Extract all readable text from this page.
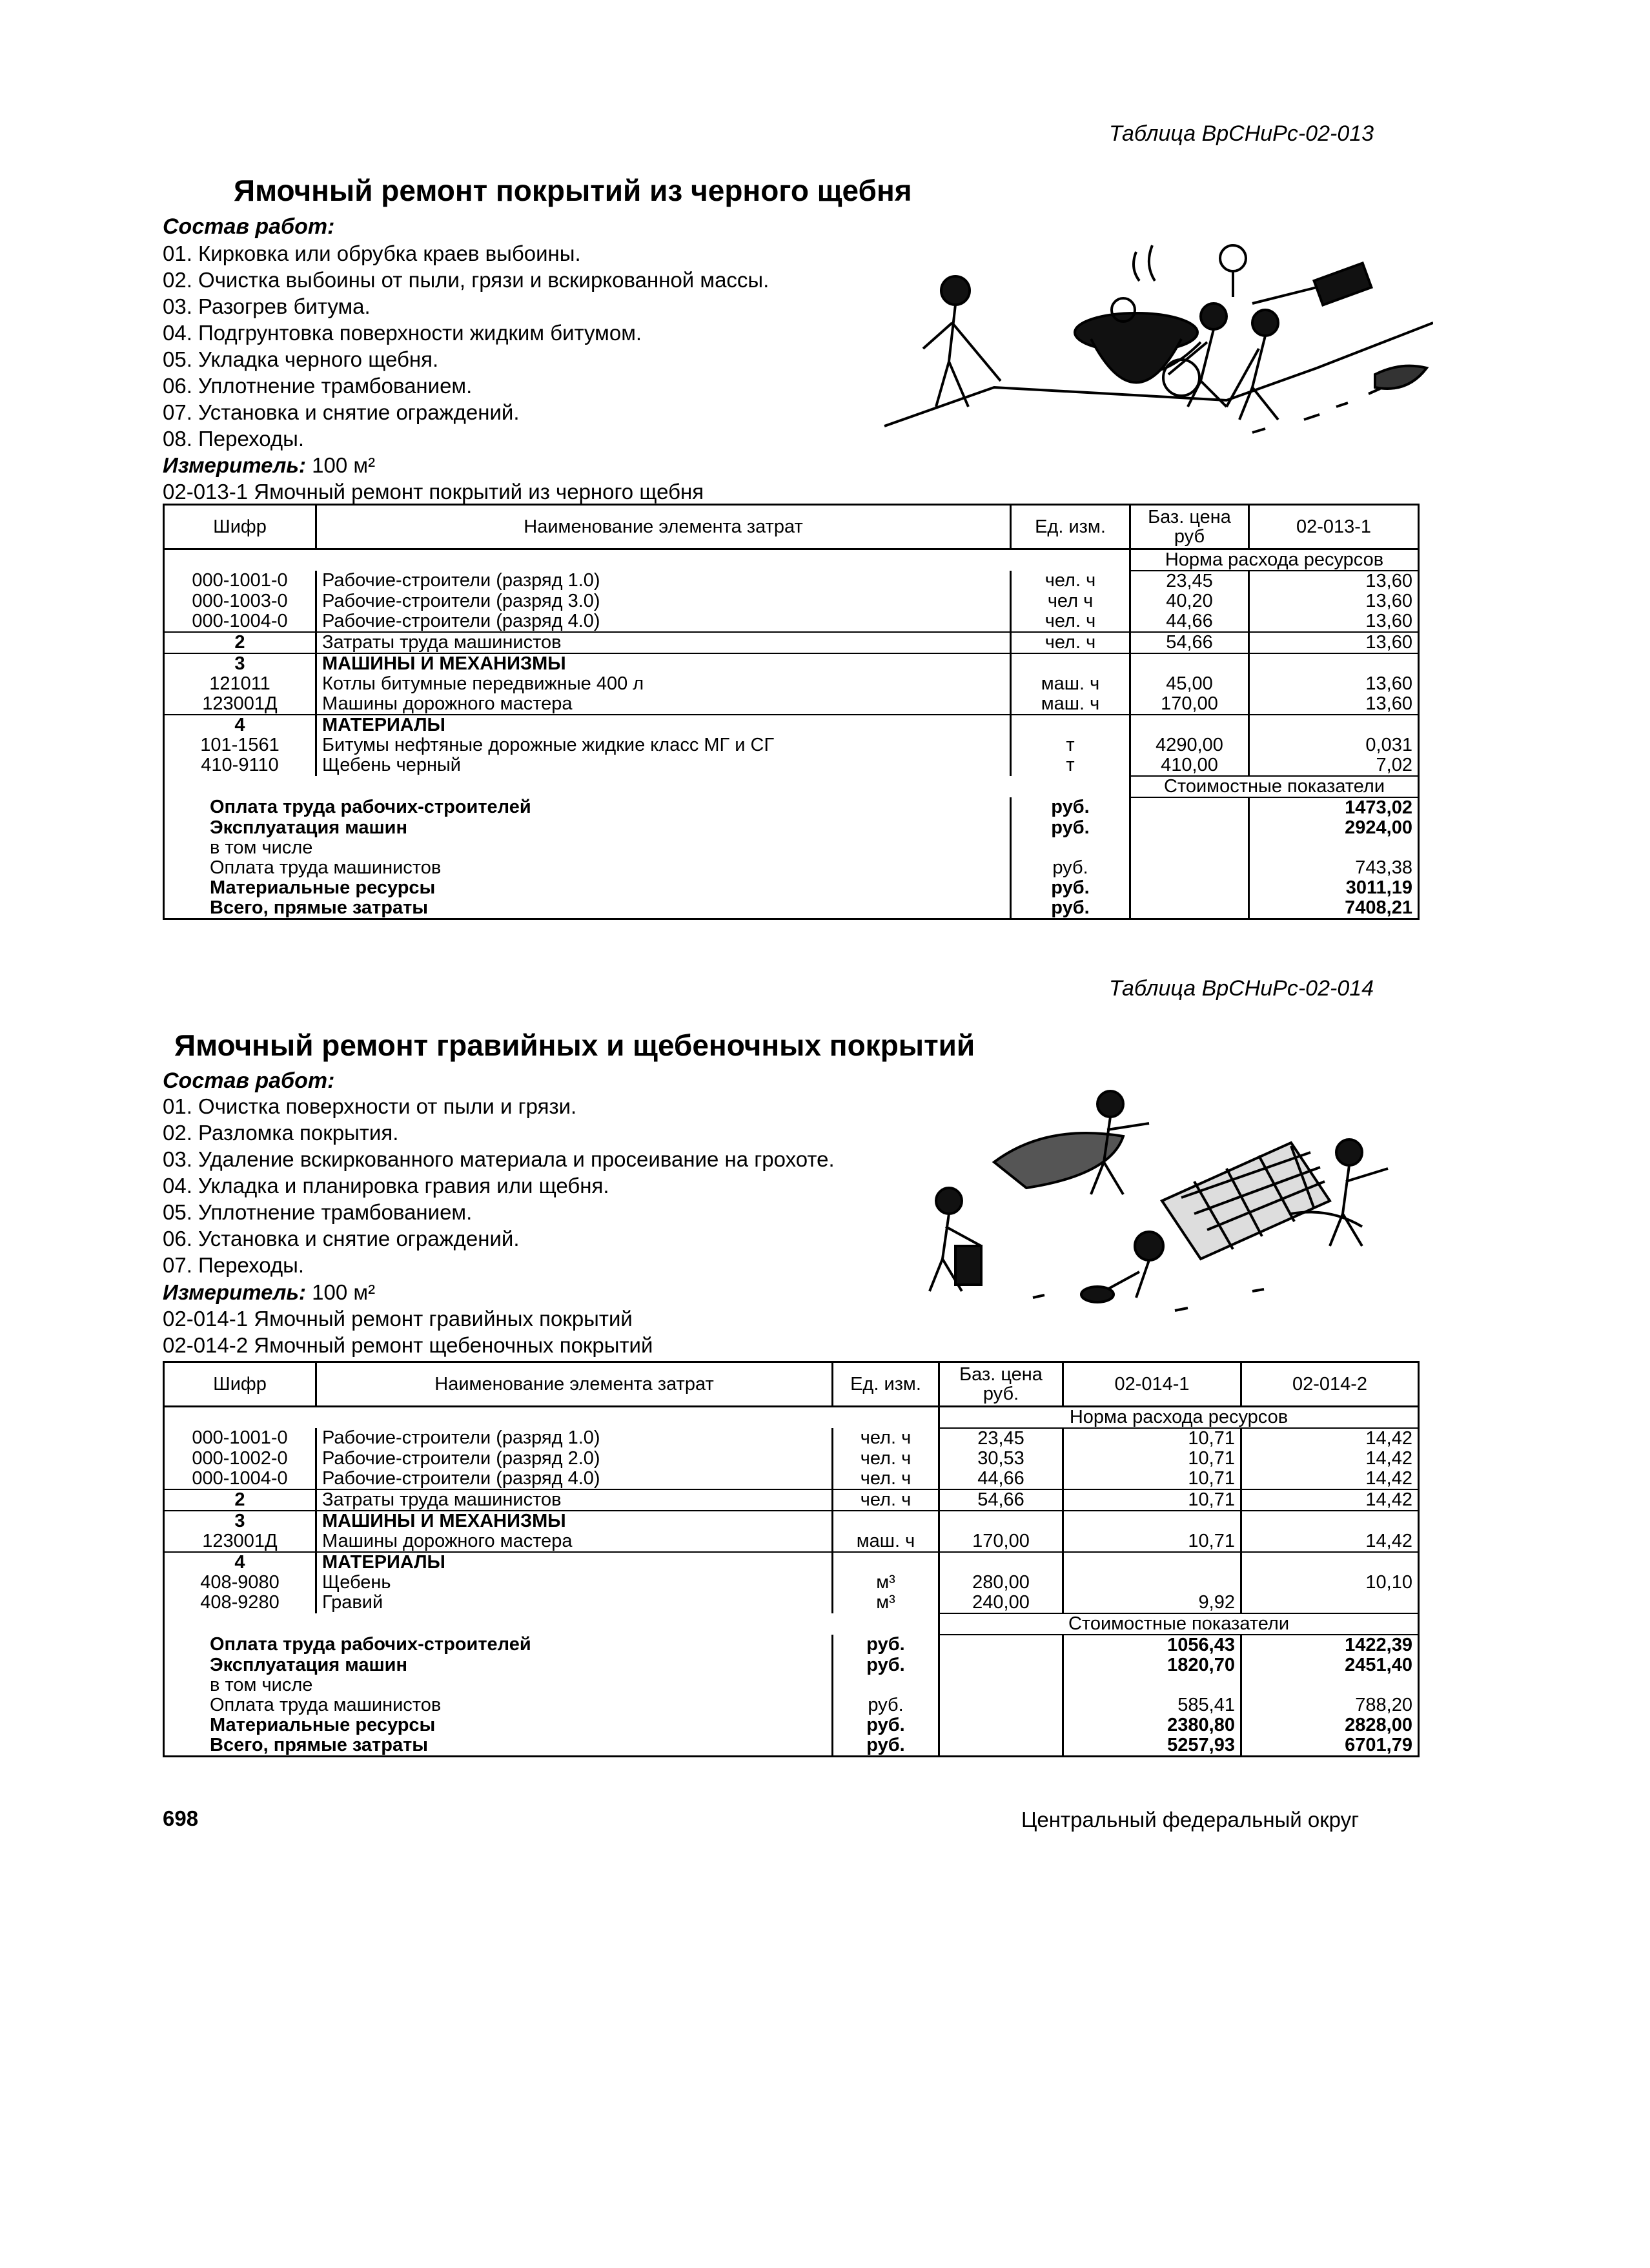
Таблица ВрСНиРс-02-013
Ямочный ремонт покрытий из черного щебня
Состав работ:
01. Кирковка или обрубка краев выбоины.
02. Очистка выбоины от пыли, грязи и вскиркованной массы.
03. Разогрев битума.
04. Подгрунтовка поверхности жидким битумом.
05. Укладка черного щебня.
06. Уплотнение трамбованием.
07. Установка и снятие ограждений.
08. Переходы.
Измеритель: 100 м²
02-013-1 Ямочный ремонт покрытий из черного щебня
Шифр	Наименование элемента затрат	Ед. изм.	Баз. цена руб	02-013-1
			Норма расхода ресурсов	
000-1001-0	Рабочие-строители (разряд 1.0)	чел. ч	23,45	13,60
000-1003-0	Рабочие-строители (разряд 3.0)	чел ч	40,20	13,60
000-1004-0	Рабочие-строители (разряд 4.0)	чел. ч	44,66	13,60
2	Затраты труда машинистов	чел. ч	54,66	13,60
3	МАШИНЫ И МЕХАНИЗМЫ			
121011	Котлы битумные передвижные 400 л	маш. ч	45,00	13,60
123001Д	Машины дорожного мастера	маш. ч	170,00	13,60
4	МАТЕРИАЛЫ			
101-1561	Битумы нефтяные дорожные жидкие класс МГ и СГ	т	4290,00	0,031
410-9110	Щебень черный	т	410,00	7,02
			Стоимостные показатели	
Оплата труда рабочих-строителей		руб.		1473,02
Эксплуатация машин		руб.		2924,00
в том числе				
Оплата труда машинистов		руб.		743,38
Материальные ресурсы		руб.		3011,19
Всего, прямые затраты		руб.		7408,21
Таблица ВрСНиРс-02-014
Ямочный ремонт гравийных и щебеночных покрытий
Состав работ:
01. Очистка поверхности от пыли и грязи.
02. Разломка покрытия.
03. Удаление вскиркованного материала и просеивание на грохоте.
04. Укладка и планировка гравия или щебня.
05. Уплотнение трамбованием.
06. Установка и снятие ограждений.
07. Переходы.
Измеритель: 100 м²
02-014-1 Ямочный ремонт гравийных покрытий
02-014-2 Ямочный ремонт щебеночных покрытий
Шифр	Наименование элемента затрат	Ед. изм.	Баз. цена руб.	02-014-1	02-014-2
			Норма расхода ресурсов		
000-1001-0	Рабочие-строители (разряд 1.0)	чел. ч	23,45	10,71	14,42
000-1002-0	Рабочие-строители (разряд 2.0)	чел. ч	30,53	10,71	14,42
000-1004-0	Рабочие-строители (разряд 4.0)	чел. ч	44,66	10,71	14,42
2	Затраты труда машинистов	чел. ч	54,66	10,71	14,42
3	МАШИНЫ И МЕХАНИЗМЫ				
123001Д	Машины дорожного мастера	маш. ч	170,00	10,71	14,42
4	МАТЕРИАЛЫ				
408-9080	Щебень	м³	280,00		10,10
408-9280	Гравий	м³	240,00	9,92	
			Стоимостные показатели		
Оплата труда рабочих-строителей		руб.		1056,43	1422,39
Эксплуатация машин		руб.		1820,70	2451,40
в том числе					
Оплата труда машинистов		руб.		585,41	788,20
Материальные ресурсы		руб.		2380,80	2828,00
Всего, прямые затраты		руб.		5257,93	6701,79
698	Центральный федеральный округ
